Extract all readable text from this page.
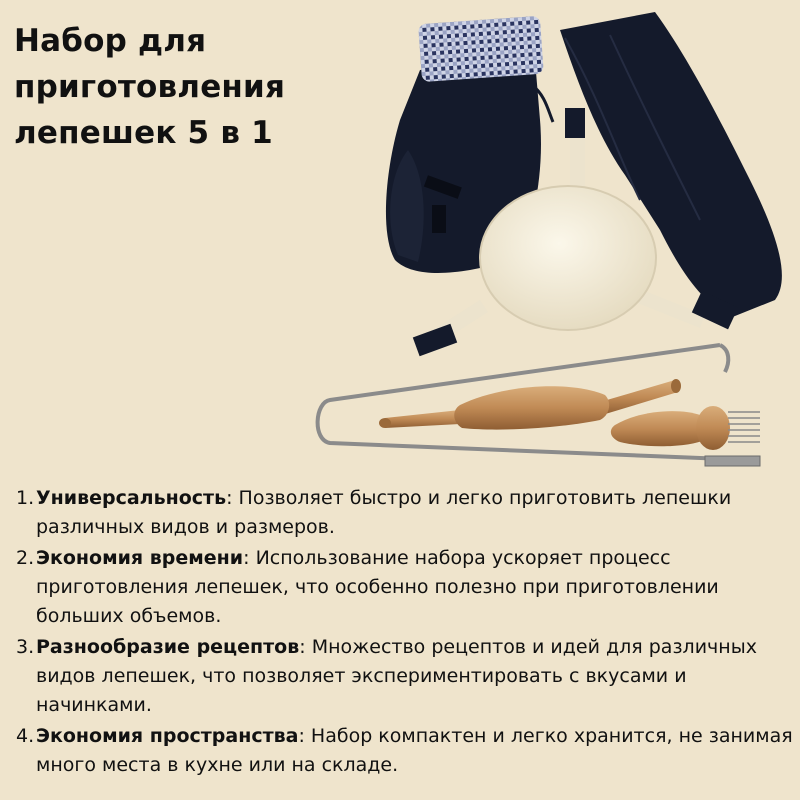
Набор для приготовления лепешек 5 в 1
1. Универсальность: Позволяет быстро и легко приготовить лепешки различных видов и размеров.
2. Экономия времени: Использование набора ускоряет процесс приготовления лепешек, что особенно полезно при приготовлении больших объемов.
3. Разнообразие рецептов: Множество рецептов и идей для различных видов лепешек, что позволяет экспериментировать с вкусами и начинками.
4. Экономия пространства: Набор компактен и легко хранится, не занимая много места в кухне или на складе.
